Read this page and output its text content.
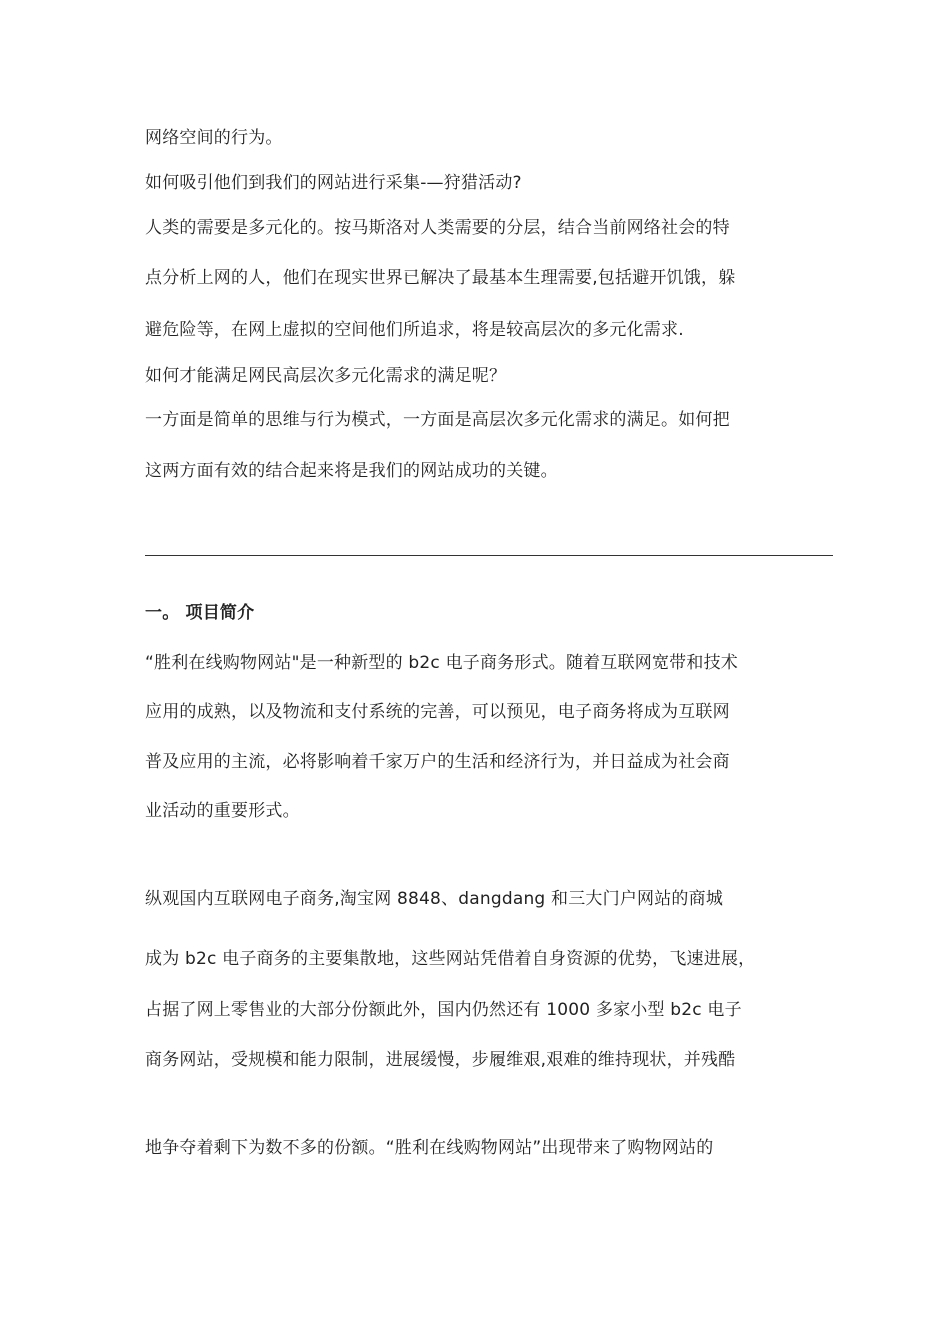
网络空间的行为。
如何吸引他们到我们的网站进行采集-—狩猎活动?
人类的需要是多元化的。按马斯洛对人类需要的分层，结合当前网络社会的特
点分析上网的人，他们在现实世界已解决了最基本生理需要,包括避开饥饿，躲
避危险等，在网上虚拟的空间他们所追求，将是较高层次的多元化需求.
如何才能满足网民高层次多元化需求的满足呢？
一方面是简单的思维与行为模式，一方面是高层次多元化需求的满足。如何把
这两方面有效的结合起来将是我们的网站成功的关键。
一。 项目简介
“胜利在线购物网站"是一种新型的 b2c 电子商务形式。随着互联网宽带和技术
应用的成熟，以及物流和支付系统的完善，可以预见，电子商务将成为互联网
普及应用的主流，必将影响着千家万户的生活和经济行为，并日益成为社会商
业活动的重要形式。
纵观国内互联网电子商务,淘宝网 8848、dangdang 和三大门户网站的商城
成为 b2c 电子商务的主要集散地，这些网站凭借着自身资源的优势，飞速进展，
占据了网上零售业的大部分份额此外，国内仍然还有 1000 多家小型 b2c 电子
商务网站，受规模和能力限制，进展缓慢，步履维艰,艰难的维持现状，并残酷
地争夺着剩下为数不多的份额。“胜利在线购物网站”出现带来了购物网站的
